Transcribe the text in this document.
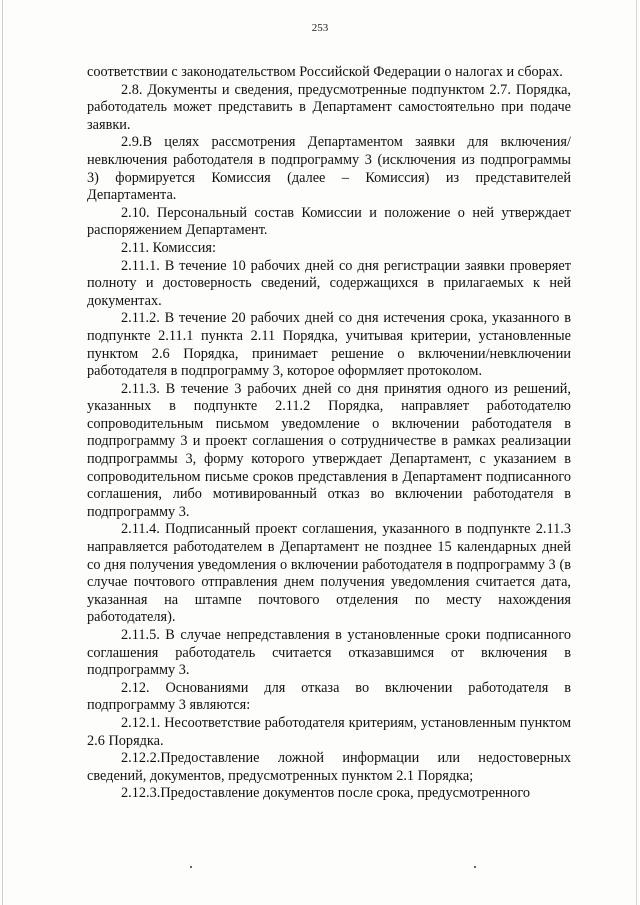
253

соответствии с законодательством Российской Федерации о налогах и сборах.

2.8. Документы и сведения, предусмотренные подпунктом 2.7. Порядка, работодатель может представить в Департамент самостоятельно при подаче заявки.

2.9.В целях рассмотрения Департаментом заявки для включения/невключения работодателя в подпрограмму 3 (исключения из подпрограммы 3) формируется Комиссия (далее – Комиссия) из представителей Департамента.

2.10. Персональный состав Комиссии и положение о ней утверждает распоряжением Департамент.

2.11. Комиссия:

2.11.1. В течение 10 рабочих дней со дня регистрации заявки проверяет полноту и достоверность сведений, содержащихся в прилагаемых к ней документах.

2.11.2. В течение 20 рабочих дней со дня истечения срока, указанного в подпункте 2.11.1 пункта 2.11 Порядка, учитывая критерии, установленные пунктом 2.6 Порядка, принимает решение о включении/невключении работодателя в подпрограмму 3, которое оформляет протоколом.

2.11.3. В течение 3 рабочих дней со дня принятия одного из решений, указанных в подпункте 2.11.2 Порядка, направляет работодателю сопроводительным письмом уведомление о включении работодателя в подпрограмму 3 и проект соглашения о сотрудничестве в рамках реализации подпрограммы 3, форму которого утверждает Департамент, с указанием в сопроводительном письме сроков представления в Департамент подписанного соглашения, либо мотивированный отказ во включении работодателя в подпрограмму 3.

2.11.4. Подписанный проект соглашения, указанного в подпункте 2.11.3 направляется работодателем в Департамент не позднее 15 календарных дней со дня получения уведомления о включении работодателя в подпрограмму 3 (в случае почтового отправления днем получения уведомления считается дата, указанная на штампе почтового отделения по месту нахождения работодателя).

2.11.5. В случае непредставления в установленные сроки подписанного соглашения работодатель считается отказавшимся от включения в подпрограмму 3.

2.12. Основаниями для отказа во включении работодателя в подпрограмму 3 являются:

2.12.1. Несоответствие работодателя критериям, установленным пунктом 2.6 Порядка.

2.12.2.Предоставление ложной информации или недостоверных сведений, документов, предусмотренных пунктом 2.1 Порядка;

2.12.3.Предоставление документов после срока, предусмотренного
